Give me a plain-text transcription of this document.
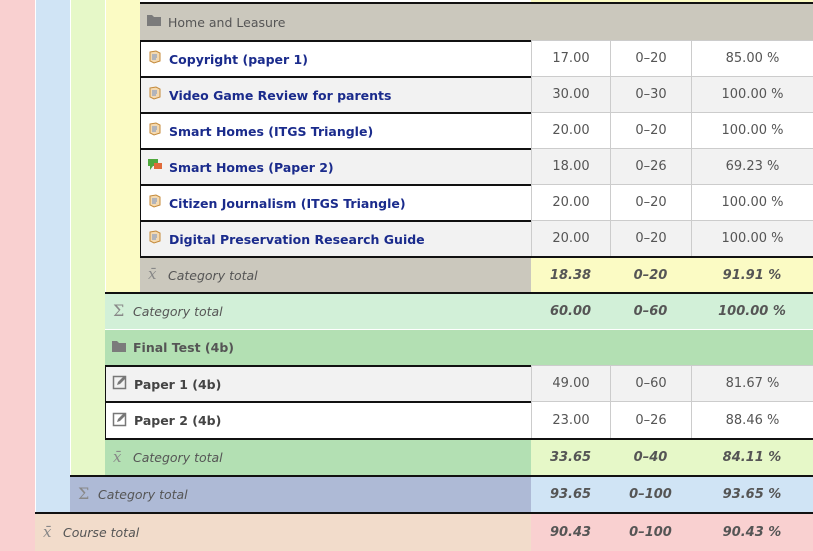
Home and Leasure
Copyright (paper 1)	17.00	0–20	85.00 %
Video Game Review for parents	30.00	0–30	100.00 %
Smart Homes (ITGS Triangle)	20.00	0–20	100.00 %
Smart Homes (Paper 2)	18.00	0–26	69.23 %
Citizen Journalism (ITGS Triangle)	20.00	0–20	100.00 %
Digital Preservation Research Guide	20.00	0–20	100.00 %
x̄ Category total	18.38	0–20	91.91 %
Σ Category total	60.00	0–60	100.00 %
Final Test (4b)
Paper 1 (4b)	49.00	0–60	81.67 %
Paper 2 (4b)	23.00	0–26	88.46 %
x̄ Category total	33.65	0–40	84.11 %
Σ Category total	93.65	0–100	93.65 %
x̄ Course total	90.43	0–100	90.43 %
